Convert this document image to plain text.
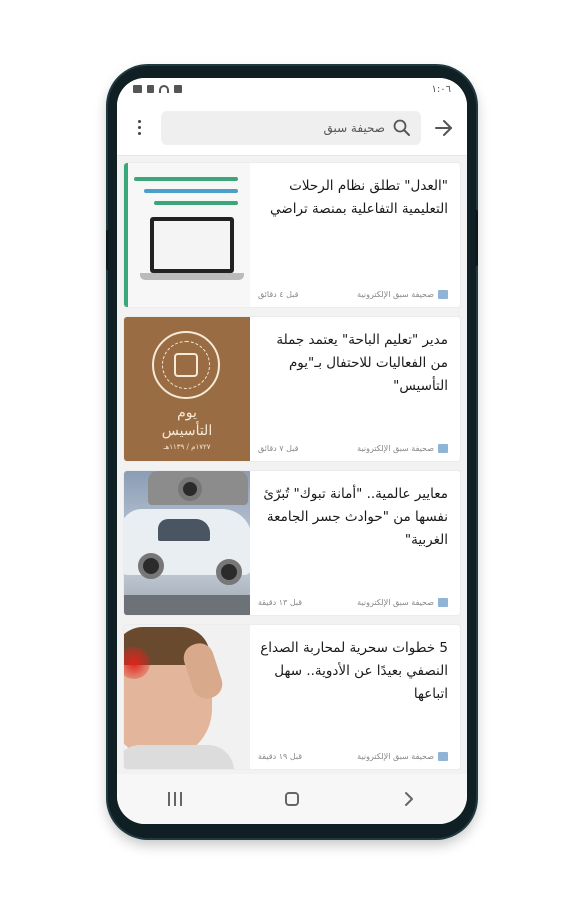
١:٠٦
صحيفة سبق
"العدل" تطلق نظام الرحلات التعليمية التفاعلية بمنصة تراضي
صحيفة سبق الإلكترونية
قبل ٤ دقائق
يوم
التأسيس
١٧٢٧م / ١١٣٩هـ
مدير "تعليم الباحة" يعتمد جملة من الفعاليات للاحتفال بـ"يوم التأسيس"
صحيفة سبق الإلكترونية
قبل ٧ دقائق
معايير عالمية.. "أمانة تبوك" تُبرّئ نفسها من "حوادث جسر الجامعة الغربية"
صحيفة سبق الإلكترونية
قبل ١٣ دقيقة
5 خطوات سحرية لمحاربة الصداع النصفي بعيدًا عن الأدوية.. سهل اتباعها
صحيفة سبق الإلكترونية
قبل ١٩ دقيقة
